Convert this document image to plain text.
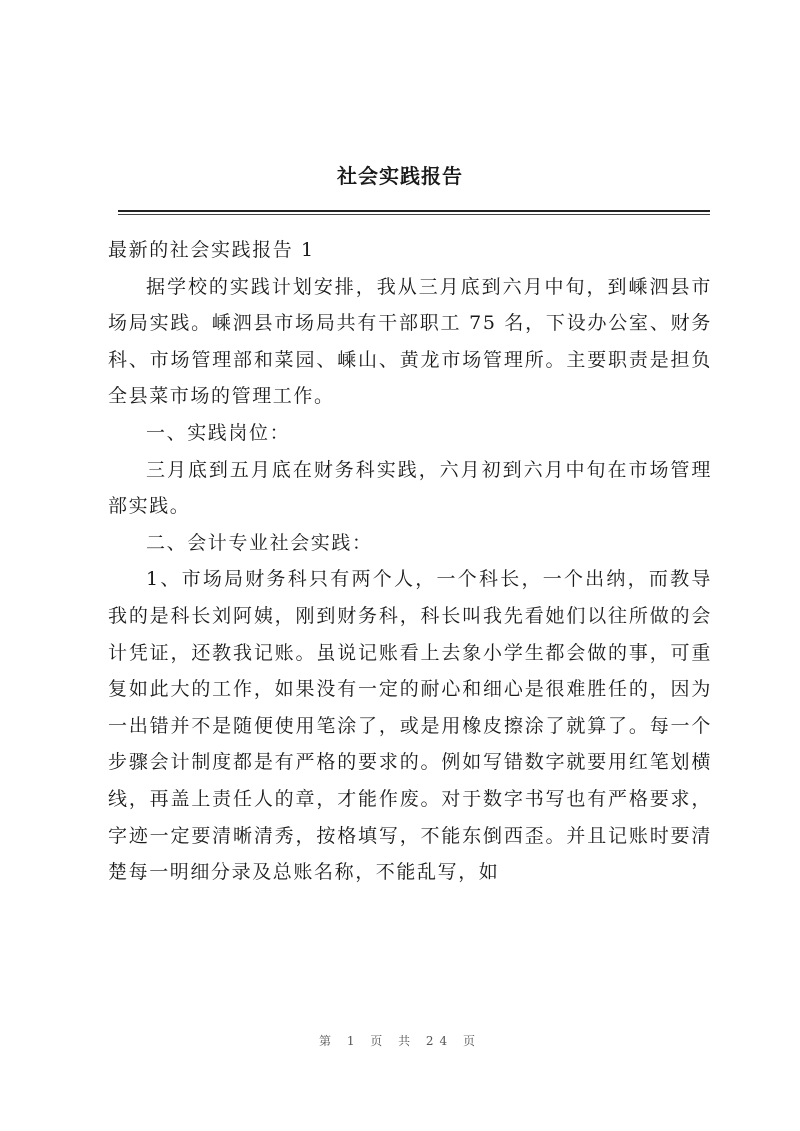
社会实践报告

最新的社会实践报告 1

据学校的实践计划安排，我从三月底到六月中旬，到嵊泗县市场局实践。嵊泗县市场局共有干部职工 75 名，下设办公室、财务科、市场管理部和菜园、嵊山、黄龙市场管理所。主要职责是担负全县菜市场的管理工作。

一、实践岗位：

三月底到五月底在财务科实践，六月初到六月中旬在市场管理部实践。

二、会计专业社会实践：

1、市场局财务科只有两个人，一个科长，一个出纳，而教导我的是科长刘阿姨，刚到财务科，科长叫我先看她们以往所做的会计凭证，还教我记账。虽说记账看上去象小学生都会做的事，可重复如此大的工作，如果没有一定的耐心和细心是很难胜任的，因为一出错并不是随便使用笔涂了，或是用橡皮擦涂了就算了。每一个步骤会计制度都是有严格的要求的。例如写错数字就要用红笔划横线，再盖上责任人的章，才能作废。对于数字书写也有严格要求，字迹一定要清晰清秀，按格填写，不能东倒西歪。并且记账时要清楚每一明细分录及总账名称，不能乱写，如

第 1 页 共 24 页
